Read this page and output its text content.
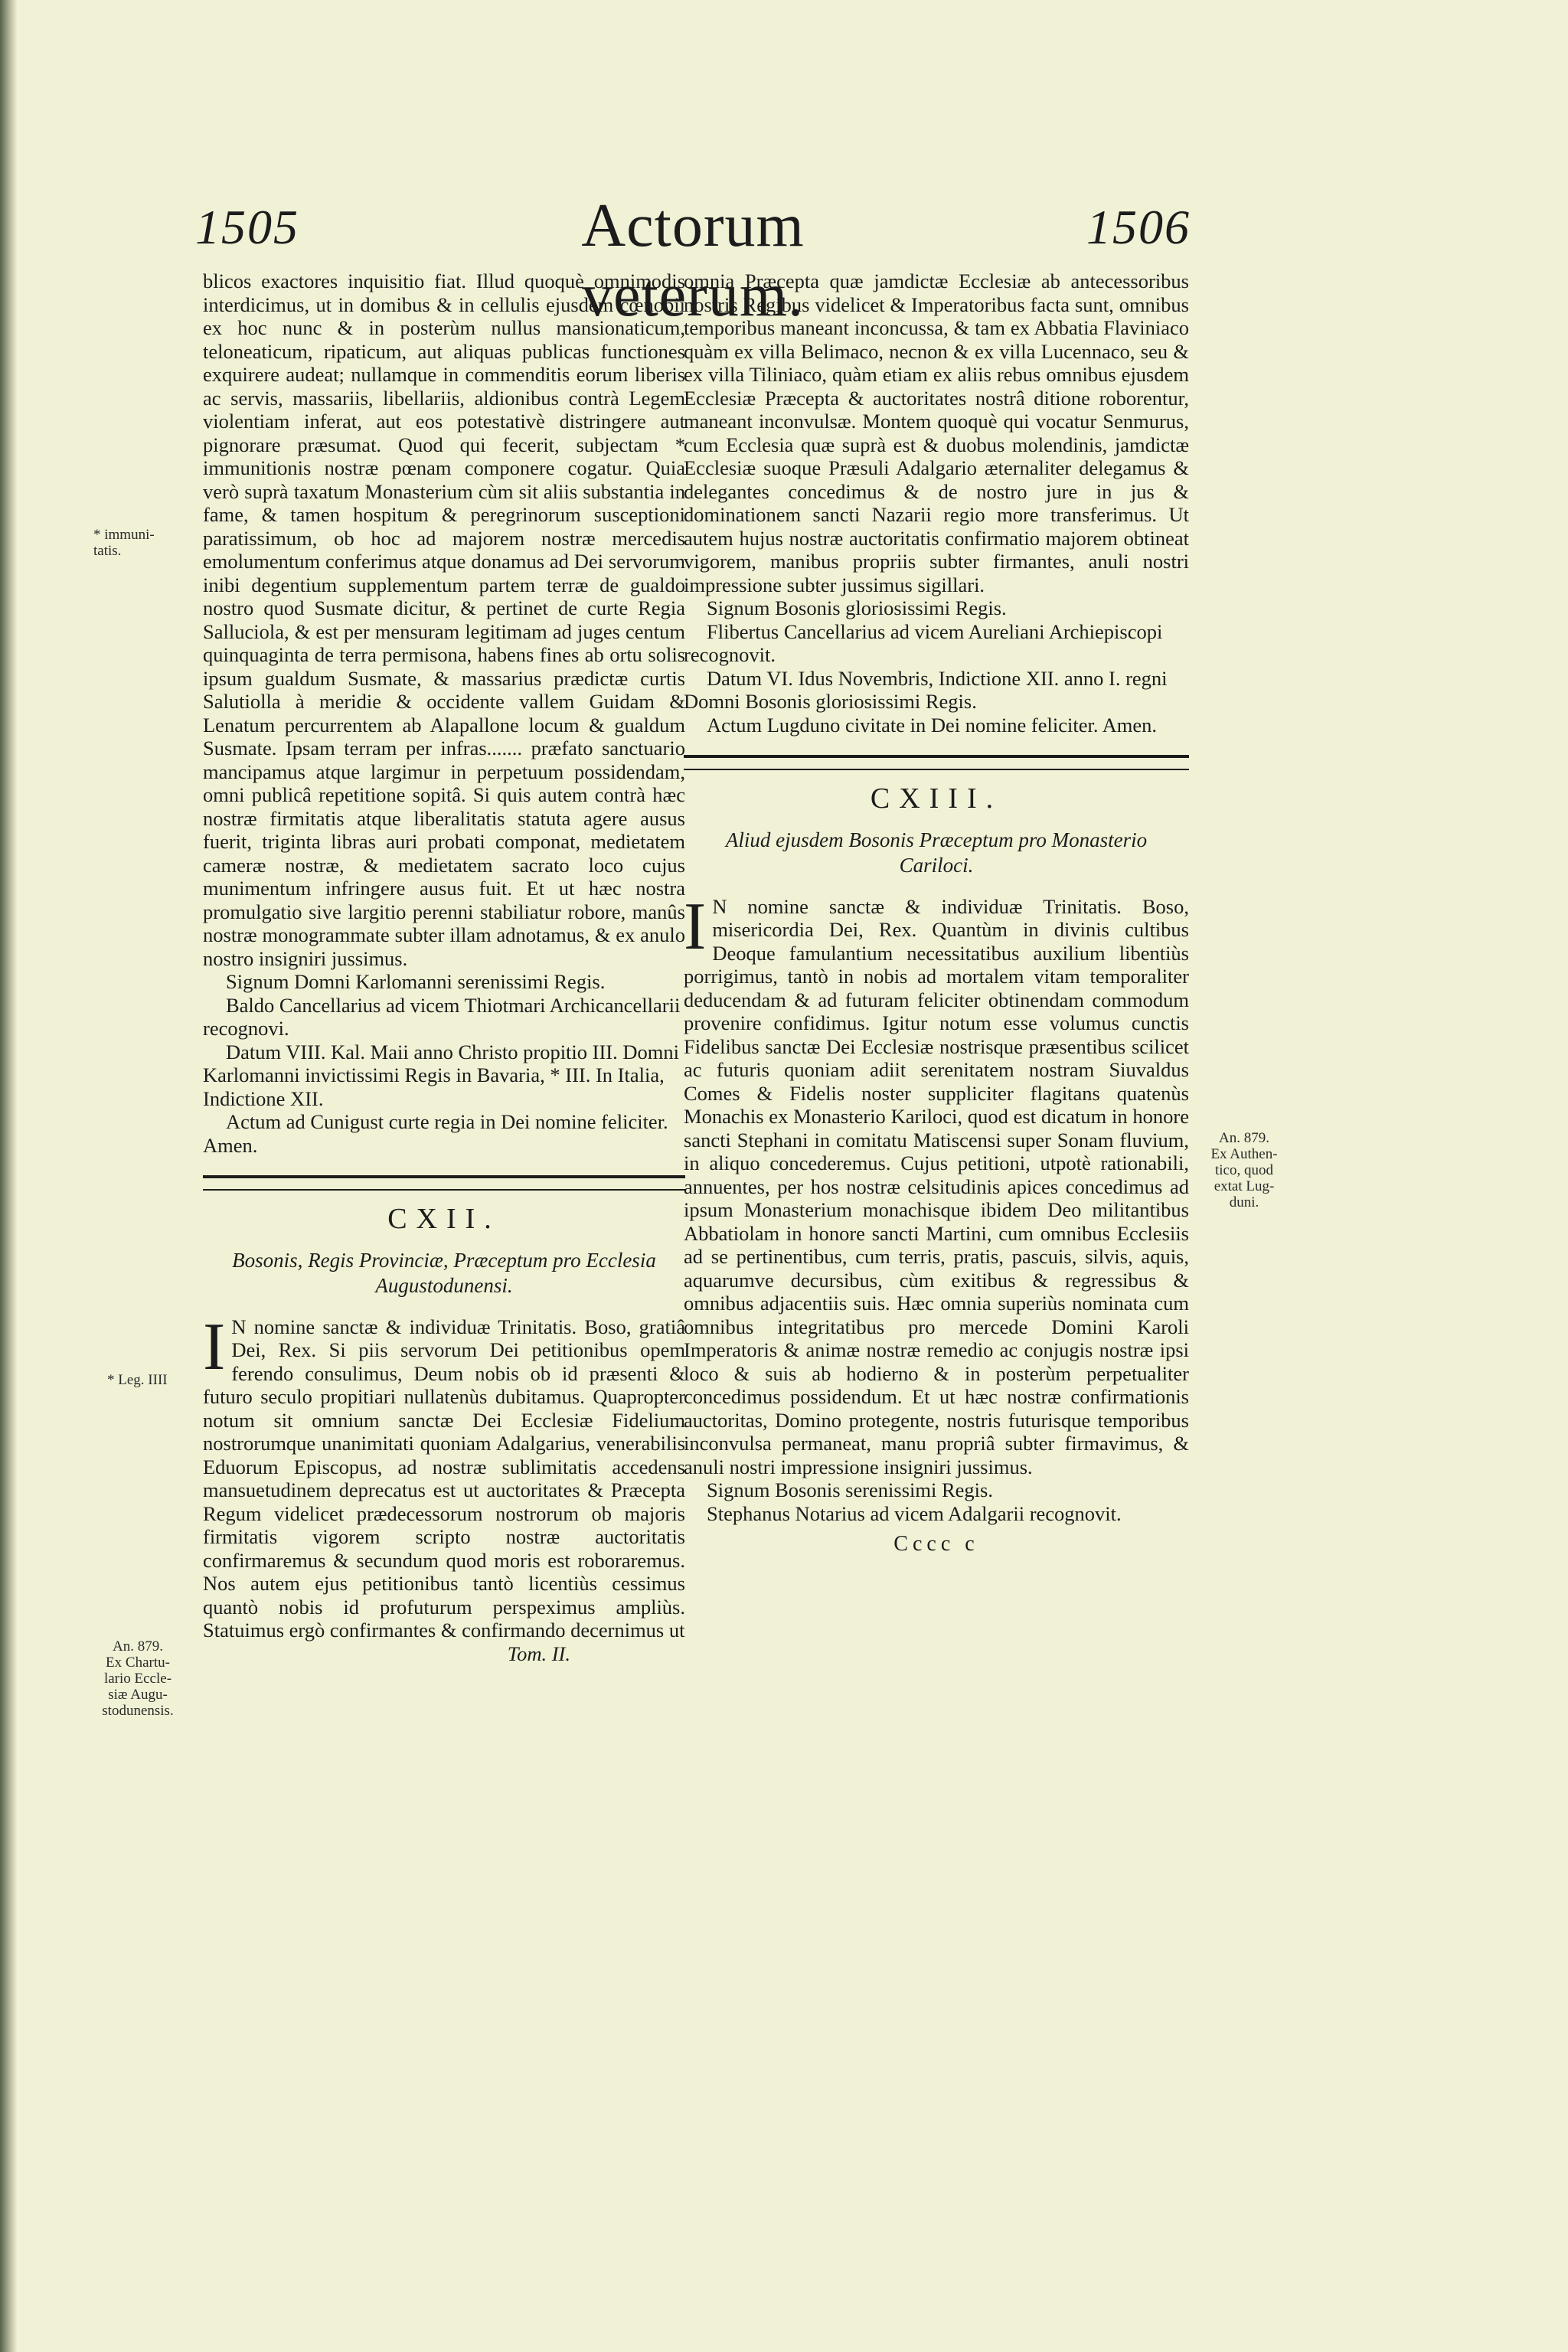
1505	Actorum veterum.
1506

blicos exactores inquisitio fiat. Illud quoquè omnimodis interdicimus, ut in domibus & in cellulis ejusdem cœnobii ex hoc nunc & in posterùm nullus mansionaticum, teloneaticum, ripaticum, aut aliquas publicas functiones exquirere audeat; nullamque in commenditis eorum liberis ac servis, massariis, libellariis, aldionibus contrà Legem violentiam inferat, aut eos potestativè distringere aut pignorare præsumat. Quod qui fecerit, subjectam * immunitionis nostræ pœnam componere cogatur. Quia verò suprà taxatum Monasterium cùm sit aliis substantia in fame, & tamen hospitum & peregrinorum susceptioni paratissimum, ob hoc ad majorem nostræ mercedis emolumentum conferimus atque donamus ad Dei servorum inibi degentium supplementum partem terræ de gualdo nostro quod Susmate dicitur, & pertinet de curte Regia Salluciola, & est per mensuram legitimam ad juges centum quinquaginta de terra permisona, habens fines ab ortu solis ipsum gualdum Susmate, & massarius prædictæ curtis Salutiolla à meridie & occidente vallem Guidam & Lenatum percurrentem ab Alapallone locum & gualdum Susmate. Ipsam terram per infras....... præfato sanctuario mancipamus atque largimur in perpetuum possidendam, omni publicâ repetitione sopitâ. Si quis autem contrà hæc nostræ firmitatis atque liberalitatis statuta agere ausus fuerit, triginta libras auri probati componat, medietatem cameræ nostræ, & medietatem sacrato loco cujus munimentum infringere ausus fuit. Et ut hæc nostra promulgatio sive largitio perenni stabiliatur robore, manûs nostræ monogrammate subter illam adnotamus, & ex anulo nostro insigniri jussimus.

Signum Domni Karlomanni serenissimi Regis.

Baldo Cancellarius ad vicem Thiotmari Archicancellarii recognovi.

Datum VIII. Kal. Maii anno Christo propitio III. Domni Karlomanni invictissimi Regis in Bavaria, * III. In Italia, Indictione XII.

Actum ad Cunigust curte regia in Dei nomine feliciter. Amen.

CXII.
Bosonis, Regis Provinciæ, Præceptum pro Ecclesia Augustodunensi.

I N nomine sanctæ & individuæ Trinitatis. Boso, gratiâ Dei, Rex. Si piis servorum Dei petitionibus opem ferendo consulimus, Deum nobis ob id præsenti & futuro seculo propitiari nullatenùs dubitamus. Quapropter notum sit omnium sanctæ Dei Ecclesiæ Fidelium nostrorumque unanimitati quoniam Adalgarius, venerabilis Eduorum Episcopus, ad nostræ sublimitatis accedens mansuetudinem deprecatus est ut auctoritates & Præcepta Regum videlicet prædecessorum nostrorum ob majoris firmitatis vigorem scripto nostræ auctoritatis confirmaremus & secundum quod moris est roboraremus. Nos autem ejus petitionibus tantò licentiùs cessimus quantò nobis id profuturum perspeximus ampliùs. Statuimus ergò confirmantes & confirmando decernimus ut

Tom. II.

omnia Præcepta quæ jamdictæ Ecclesiæ ab antecessoribus nostris Regibus videlicet & Imperatoribus facta sunt, omnibus temporibus maneant inconcussa, & tam ex Abbatia Flaviniaco quàm ex villa Belimaco, necnon & ex villa Lucennaco, seu & ex villa Tiliniaco, quàm etiam ex aliis rebus omnibus ejusdem Ecclesiæ Præcepta & auctoritates nostrâ ditione roborentur, maneant inconvulsæ. Montem quoquè qui vocatur Senmurus, cum Ecclesia quæ suprà est & duobus molendinis, jamdictæ Ecclesiæ suoque Præsuli Adalgario æternaliter delegamus & delegantes concedimus & de nostro jure in jus & dominationem sancti Nazarii regio more transferimus. Ut autem hujus nostræ auctoritatis confirmatio majorem obtineat vigorem, manibus propriis subter firmantes, anuli nostri impressione subter jussimus sigillari.

Signum Bosonis gloriosissimi Regis.

Flibertus Cancellarius ad vicem Aureliani Archiepiscopi recognovit.

Datum VI. Idus Novembris, Indictione XII. anno I. regni Domni Bosonis gloriosissimi Regis.

Actum Lugduno civitate in Dei nomine feliciter. Amen.

CXIII.
Aliud ejusdem Bosonis Præceptum pro Monasterio Cariloci.

I N nomine sanctæ & individuæ Trinitatis. Boso, misericordia Dei, Rex. Quantùm in divinis cultibus Deoque famulantium necessitatibus auxilium libentiùs porrigimus, tantò in nobis ad mortalem vitam temporaliter deducendam & ad futuram feliciter obtinendam commodum provenire confidimus. Igitur notum esse volumus cunctis Fidelibus sanctæ Dei Ecclesiæ nostrisque præsentibus scilicet ac futuris quoniam adiit serenitatem nostram Siuvaldus Comes & Fidelis noster suppliciter flagitans quatenùs Monachis ex Monasterio Kariloci, quod est dicatum in honore sancti Stephani in comitatu Matiscensi super Sonam fluvium, in aliquo concederemus. Cujus petitioni, utpotè rationabili, annuentes, per hos nostræ celsitudinis apices concedimus ad ipsum Monasterium monachisque ibidem Deo militantibus Abbatiolam in honore sancti Martini, cum omnibus Ecclesiis ad se pertinentibus, cum terris, pratis, pascuis, silvis, aquis, aquarumve decursibus, cùm exitibus & regressibus & omnibus adjacentiis suis. Hæc omnia superiùs nominata cum omnibus integritatibus pro mercede Domini Karoli Imperatoris & animæ nostræ remedio ac conjugis nostræ ipsi loco & suis ab hodierno & in posterùm perpetualiter concedimus possidendum. Et ut hæc nostræ confirmationis auctoritas, Domino protegente, nostris futurisque temporibus inconvulsa permaneat, manu propriâ subter firmavimus, & anuli nostri impressione insigniri jussimus.

Signum Bosonis serenissimi Regis.

Stephanus Notarius ad vicem Adalgarii recognovit.

Cccc c
* immuni-
tatis.
* Leg. IIII
An. 879.
Ex Chartu-
lario Eccle-
siæ Augu-
stodunensis.
An. 879.
Ex Authen-
tico, quod
extat Lug-
duni.
